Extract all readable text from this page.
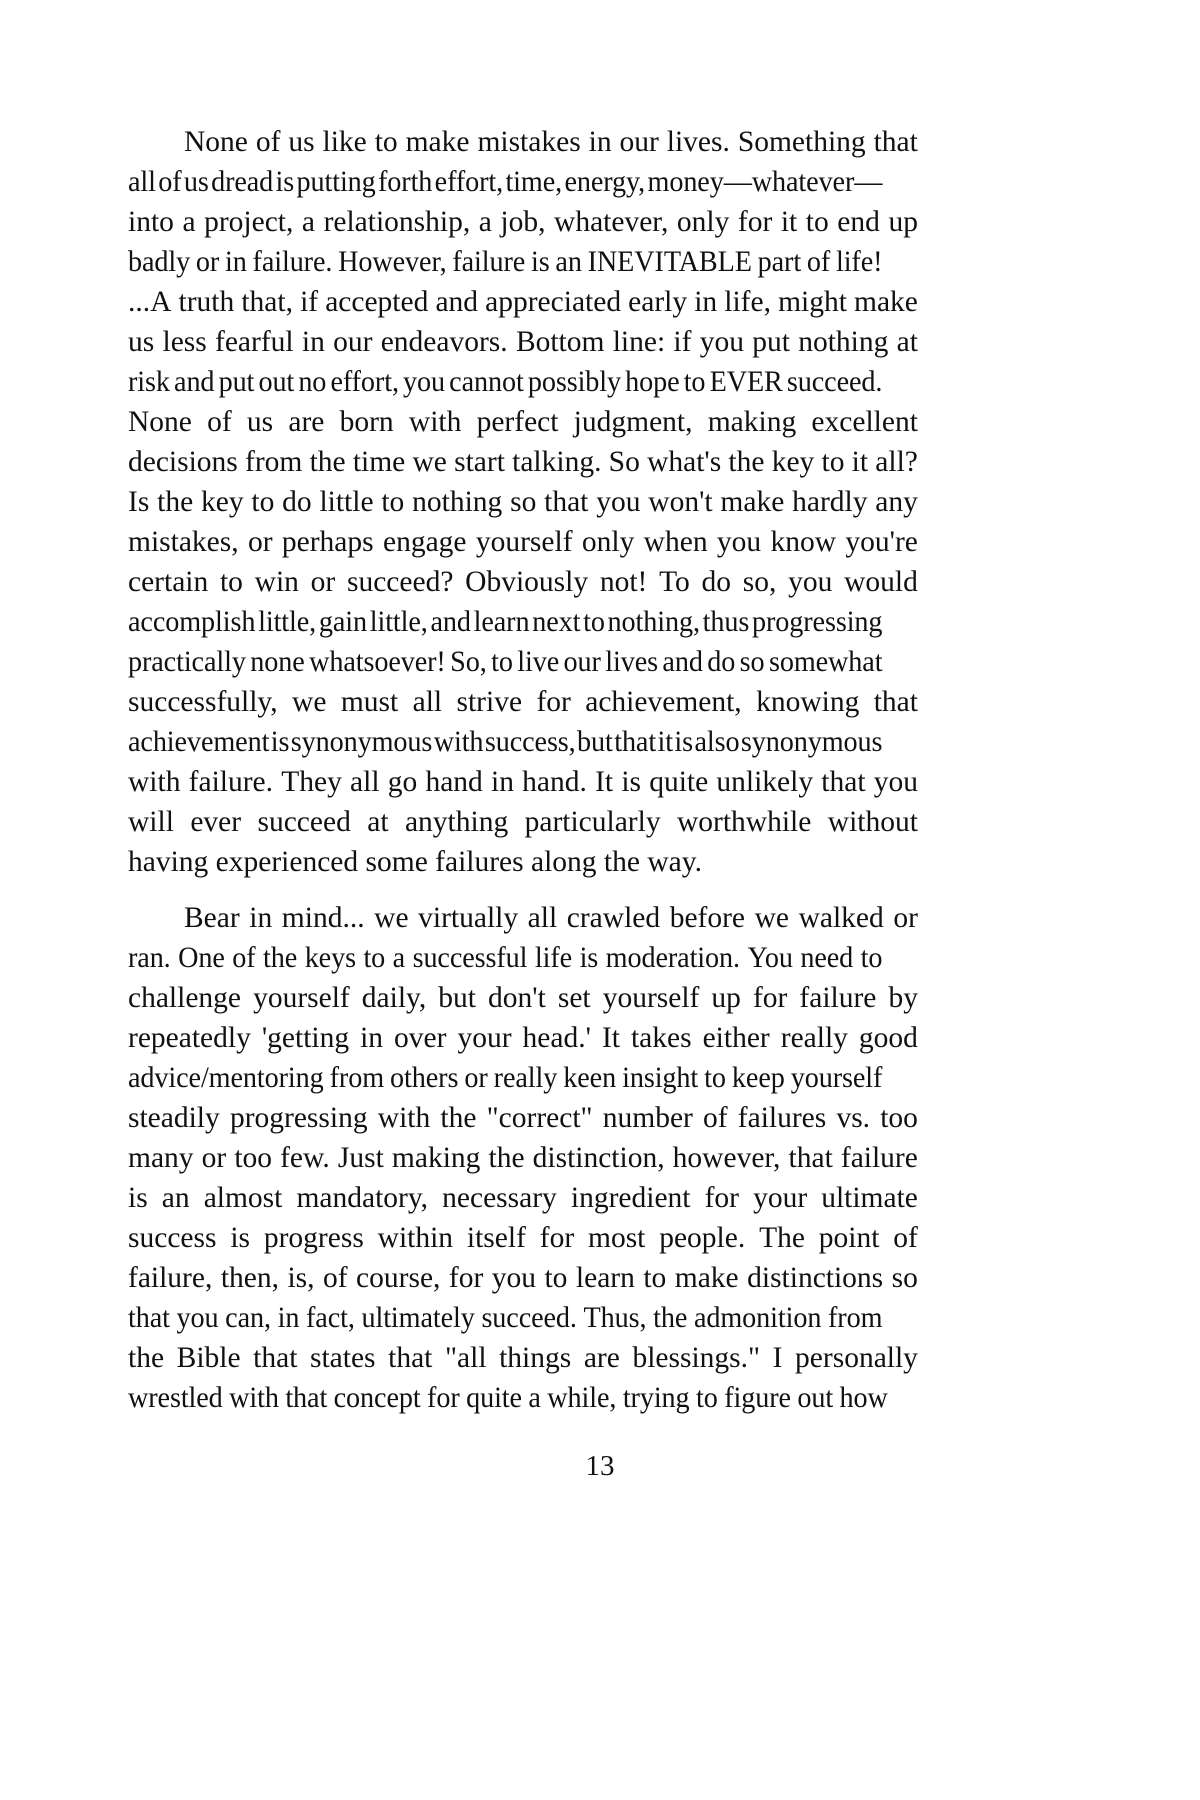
None of us like to make mistakes in our lives. Something that
all of us dread is putting forth effort, time, energy, money—whatever—
into a project, a relationship, a job, whatever, only for it to end up
badly or in failure. However, failure is an INEVITABLE part of life!
...A truth that, if accepted and appreciated early in life, might make
us less fearful in our endeavors. Bottom line: if you put nothing at
risk and put out no effort, you cannot possibly hope to EVER succeed.
None of us are born with perfect judgment, making excellent
decisions from the time we start talking. So what's the key to it all?
Is the key to do little to nothing so that you won't make hardly any
mistakes, or perhaps engage yourself only when you know you're
certain to win or succeed? Obviously not! To do so, you would
accomplish little, gain little, and learn next to nothing, thus progressing
practically none whatsoever! So, to live our lives and do so somewhat
successfully, we must all strive for achievement, knowing that
achievement is synonymous with success, but that it is also synonymous
with failure. They all go hand in hand. It is quite unlikely that you
will ever succeed at anything particularly worthwhile without
having experienced some failures along the way.

Bear in mind... we virtually all crawled before we walked or
ran. One of the keys to a successful life is moderation. You need to
challenge yourself daily, but don't set yourself up for failure by
repeatedly 'getting in over your head.' It takes either really good
advice/mentoring from others or really keen insight to keep yourself
steadily progressing with the "correct" number of failures vs. too
many or too few. Just making the distinction, however, that failure
is an almost mandatory, necessary ingredient for your ultimate
success is progress within itself for most people. The point of
failure, then, is, of course, for you to learn to make distinctions so
that you can, in fact, ultimately succeed. Thus, the admonition from
the Bible that states that "all things are blessings." I personally
wrestled with that concept for quite a while, trying to figure out how

13
